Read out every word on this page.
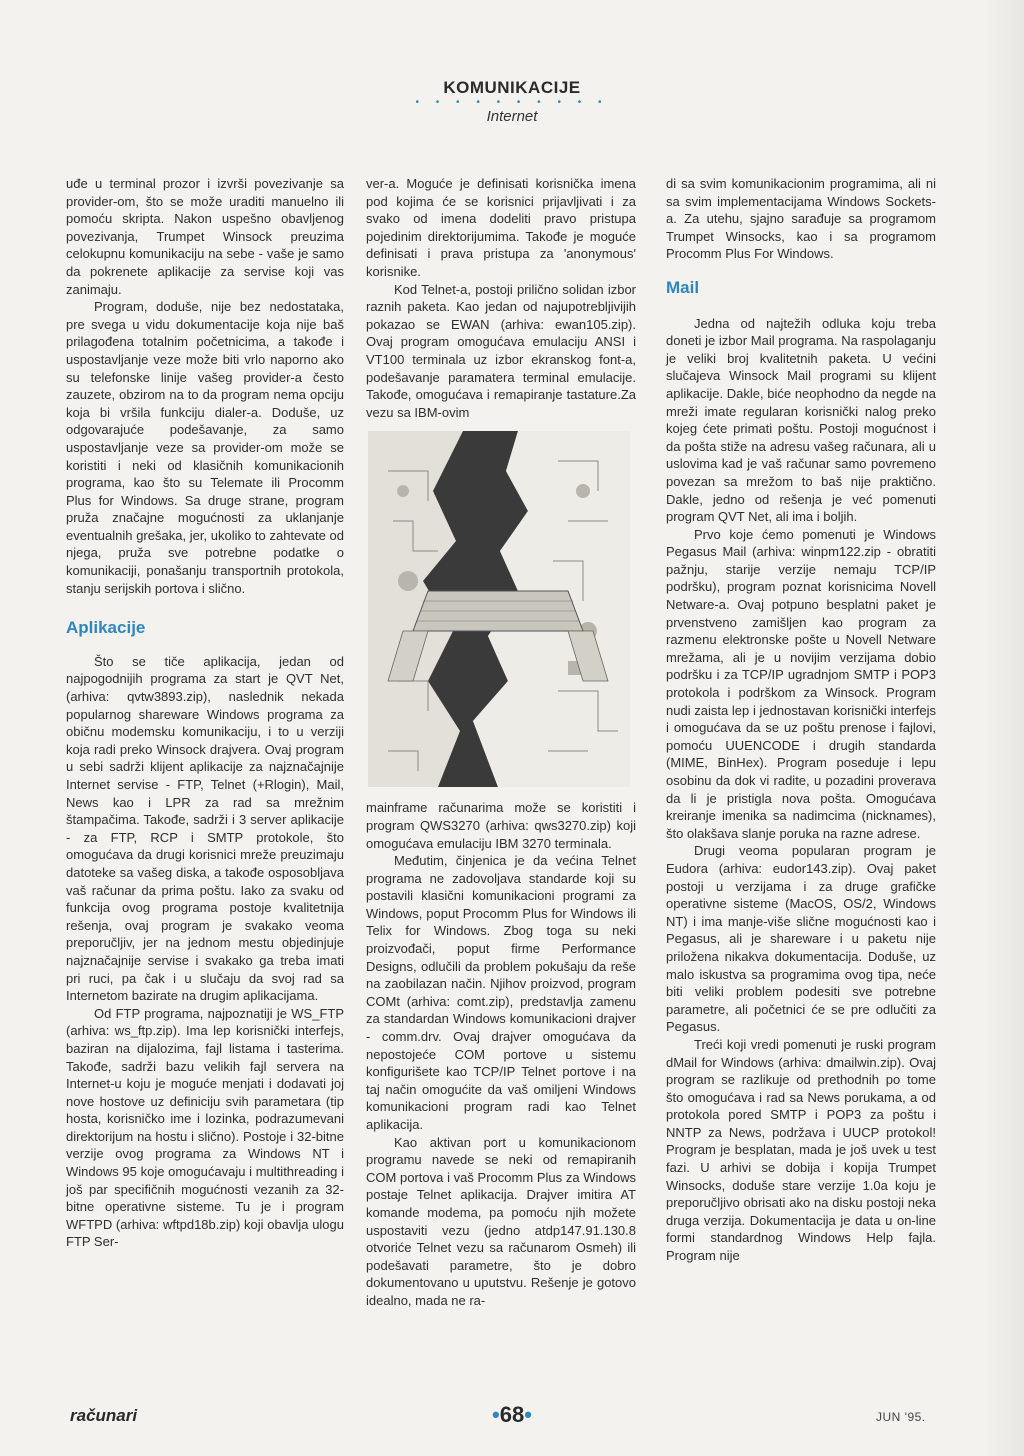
KOMUNIKACIJE
• • • • • • • • • •
Internet

uđe u terminal prozor i izvrši povezivanje sa provider-om, što se može uraditi manuelno ili pomoću skripta. Nakon uspešno obavljenog povezivanja, Trumpet Winsock preuzima celokupnu komunikaciju na sebe - vaše je samo da pokrenete aplikacije za servise koji vas zanimaju.

Program, doduše, nije bez nedostataka, pre svega u vidu dokumentacije koja nije baš prilagođena totalnim početnicima, a takođe i uspostavljanje veze može biti vrlo naporno ako su telefonske linije vašeg provider-a često zauzete, obzirom na to da program nema opciju koja bi vršila funkciju dialer-a. Doduše, uz odgovarajuće podešavanje, za samo uspostavljanje veze sa provider-om može se koristiti i neki od klasičnih komunikacionih programa, kao što su Telemate ili Procomm Plus for Windows. Sa druge strane, program pruža značajne mogućnosti za uklanjanje eventualnih grešaka, jer, ukoliko to zahtevate od njega, pruža sve potrebne podatke o komunikaciji, ponašanju transportnih protokola, stanju serijskih portova i slično.

Aplikacije

Što se tiče aplikacija, jedan od najpogodnijih programa za start je QVT Net, (arhiva: qvtw3893.zip), naslednik nekada popularnog shareware Windows programa za običnu modemsku komunikaciju, i to u verziji koja radi preko Winsock drajvera. Ovaj program u sebi sadrži klijent aplikacije za najznačajnije Internet servise - FTP, Telnet (+Rlogin), Mail, News kao i LPR za rad sa mrežnim štampačima. Takođe, sadrži i 3 server aplikacije - za FTP, RCP i SMTP protokole, što omogućava da drugi korisnici mreže preuzimaju datoteke sa vašeg diska, a takođe osposobljava vaš računar da prima poštu. Iako za svaku od funkcija ovog programa postoje kvalitetnija rešenja, ovaj program je svakako veoma preporučljiv, jer na jednom mestu objedinjuje najznačajnije servise i svakako ga treba imati pri ruci, pa čak i u slučaju da svoj rad sa Internetom bazirate na drugim aplikacijama.

Od FTP programa, najpoznatiji je WS_FTP (arhiva: ws_ftp.zip). Ima lep korisnički interfejs, baziran na dijalozima, fajl listama i tasterima. Takođe, sadrži bazu velikih fajl servera na Internet-u koju je moguće menjati i dodavati joj nove hostove uz definiciju svih parametara (tip hosta, korisničko ime i lozinka, podrazumevani direktorijum na hostu i slično). Postoje i 32-bitne verzije ovog programa za Windows NT i Windows 95 koje omogućavaju i multithreading i još par specifičnih mogućnosti vezanih za 32-bitne operativne sisteme. Tu je i program WFTPD (arhiva: wftpd18b.zip) koji obavlja ulogu FTP Ser-

ver-a. Moguće je definisati korisnička imena pod kojima će se korisnici prijavljivati i za svako od imena dodeliti pravo pristupa pojedinim direktorijumima. Takođe je moguće definisati i prava pristupa za 'anonymous' korisnike.

Kod Telnet-a, postoji prilično solidan izbor raznih paketa. Kao jedan od najupotrebljivijih pokazao se EWAN (arhiva: ewan105.zip). Ovaj program omogućava emulaciju ANSI i VT100 terminala uz izbor ekranskog font-a, podešavanje paramatera terminal emulacije. Takođe, omogućava i remapiranje tastature.Za vezu sa IBM-ovim

mainframe računarima može se koristiti i program QWS3270 (arhiva: qws3270.zip) koji omogućava emulaciju IBM 3270 terminala.

Međutim, činjenica je da većina Telnet programa ne zadovoljava standarde koji su postavili klasični komunikacioni programi za Windows, poput Procomm Plus for Windows ili Telix for Windows. Zbog toga su neki proizvođači, poput firme Performance Designs, odlučili da problem pokušaju da reše na zaobilazan način. Njihov proizvod, program COMt (arhiva: comt.zip), predstavlja zamenu za standardan Windows komunikacioni drajver - comm.drv. Ovaj drajver omogućava da nepostojeće COM portove u sistemu konfigurišete kao TCP/IP Telnet portove i na taj način omogućite da vaš omiljeni Windows komunikacioni program radi kao Telnet aplikacija.

Kao aktivan port u komunikacionom programu navede se neki od remapiranih COM portova i vaš Procomm Plus za Windows postaje Telnet aplikacija. Drajver imitira AT komande modema, pa pomoću njih možete uspostaviti vezu (jedno atdp147.91.130.8 otvoriće Telnet vezu sa računarom Osmeh) ili podešavati parametre, što je dobro dokumentovano u uputstvu. Rešenje je gotovo idealno, mada ne ra-

di sa svim komunikacionim programima, ali ni sa svim implementacijama Windows Sockets-a. Za utehu, sjajno sarađuje sa programom Trumpet Winsocks, kao i sa programom Procomm Plus For Windows.

Mail

Jedna od najtežih odluka koju treba doneti je izbor Mail programa. Na raspolaganju je veliki broj kvalitetnih paketa. U većini slučajeva Winsock Mail programi su klijent aplikacije. Dakle, biće neophodno da negde na mreži imate regularan korisnički nalog preko kojeg ćete primati poštu. Postoji mogućnost i da pošta stiže na adresu vašeg računara, ali u uslovima kad je vaš računar samo povremeno povezan sa mrežom to baš nije praktično. Dakle, jedno od rešenja je već pomenuti program QVT Net, ali ima i boljih.

Prvo koje ćemo pomenuti je Windows Pegasus Mail (arhiva: winpm122.zip - obratiti pažnju, starije verzije nemaju TCP/IP podršku), program poznat korisnicima Novell Netware-a. Ovaj potpuno besplatni paket je prvenstveno zamišljen kao program za razmenu elektronske pošte u Novell Netware mrežama, ali je u novijim verzijama dobio podršku i za TCP/IP ugradnjom SMTP i POP3 protokola i podrškom za Winsock. Program nudi zaista lep i jednostavan korisnički interfejs i omogućava da se uz poštu prenose i fajlovi, pomoću UUENCODE i drugih standarda (MIME, BinHex). Program poseduje i lepu osobinu da dok vi radite, u pozadini proverava da li je pristigla nova pošta. Omogućava kreiranje imenika sa nadimcima (nicknames), što olakšava slanje poruka na razne adrese.

Drugi veoma popularan program je Eudora (arhiva: eudor143.zip). Ovaj paket postoji u verzijama i za druge grafičke operativne sisteme (MacOS, OS/2, Windows NT) i ima manje-više slične mogućnosti kao i Pegasus, ali je shareware i u paketu nije priložena nikakva dokumentacija. Doduše, uz malo iskustva sa programima ovog tipa, neće biti veliki problem podesiti sve potrebne parametre, ali početnici će se pre odlučiti za Pegasus.

Treći koji vredi pomenuti je ruski program dMail for Windows (arhiva: dmailwin.zip). Ovaj program se razlikuje od prethodnih po tome što omogućava i rad sa News porukama, a od protokola pored SMTP i POP3 za poštu i NNTP za News, podržava i UUCP protokol! Program je besplatan, mada je još uvek u test fazi. U arhivi se dobija i kopija Trumpet Winsocks, doduše stare verzije 1.0a koju je preporučljivo obrisati ako na disku postoji neka druga verzija. Dokumentacija je data u on-line formi standardnog Windows Help fajla. Program nije

računari	•68•	JUN '95.
